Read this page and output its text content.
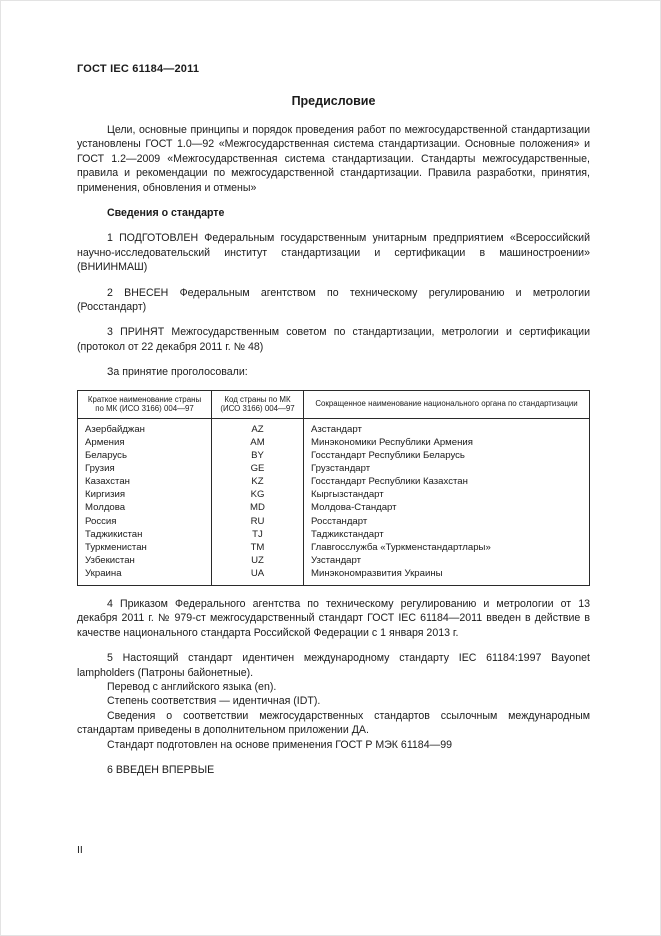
ГОСТ IEC 61184—2011
Предисловие

Цели, основные принципы и порядок проведения работ по межгосударственной стандартизации установлены ГОСТ 1.0—92 «Межгосударственная система стандартизации. Основные положения» и ГОСТ 1.2—2009 «Межгосударственная система стандартизации. Стандарты межгосударственные, правила и рекомендации по межгосударственной стандартизации. Правила разработки, принятия, применения, обновления и отмены»

Сведения о стандарте

1 ПОДГОТОВЛЕН Федеральным государственным унитарным предприятием «Всероссийский научно-исследовательский институт стандартизации и сертификации в машиностроении» (ВНИИНМАШ)

2 ВНЕСЕН Федеральным агентством по техническому регулированию и метрологии (Росстандарт)

3 ПРИНЯТ Межгосударственным советом по стандартизации, метрологии и сертификации (протокол от 22 декабря 2011 г. № 48)

За принятие проголосовали:

Краткое наименование страны по МК (ИСО 3166) 004—97	Код страны по МК (ИСО 3166) 004—97	Сокращенное наименование национального органа по стандартизации
Азербайджан	AZ	Азстандарт
Армения	AM	Минэкономики Республики Армения
Беларусь	BY	Госстандарт Республики Беларусь
Грузия	GE	Грузстандарт
Казахстан	KZ	Госстандарт Республики Казахстан
Киргизия	KG	Кыргызстандарт
Молдова	MD	Молдова-Стандарт
Россия	RU	Росстандарт
Таджикистан	TJ	Таджикстандарт
Туркменистан	TM	Главгосслужба «Туркменстандартлары»
Узбекистан	UZ	Узстандарт
Украина	UA	Минэкономразвития Украины

4 Приказом Федерального агентства по техническому регулированию и метрологии от 13 декабря 2011 г. № 979-ст межгосударственный стандарт ГОСТ IEC 61184—2011 введен в действие в качестве национального стандарта Российской Федерации с 1 января 2013 г.

5 Настоящий стандарт идентичен международному стандарту IEC 61184:1997 Bayonet lampholders (Патроны байонетные).

Перевод с английского языка (en).

Степень соответствия — идентичная (IDT).

Сведения о соответствии межгосударственных стандартов ссылочным международным стандартам приведены в дополнительном приложении ДА.

Стандарт подготовлен на основе применения ГОСТ Р МЭК 61184—99

6 ВВЕДЕН ВПЕРВЫЕ

II
